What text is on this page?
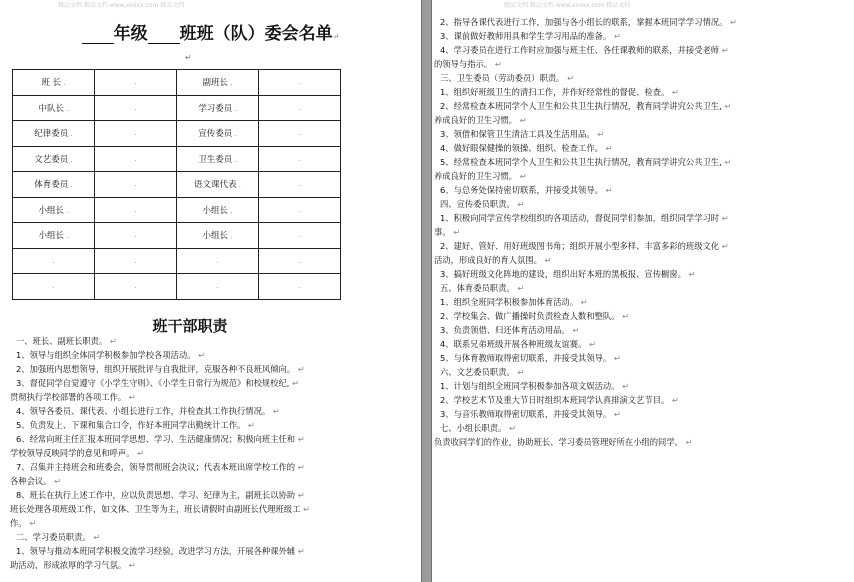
精品文档 精品文档 www.xxxxx.com 精品文档
年级 班班（队）委会名单↵
↵
班 长 .	.	副班长 .	.
中队长 .	.	学习委员 .	.
纪律委员 .	.	宣传委员 .	.
文艺委员 .	.	卫生委员 .	.
体育委员 .	.	语文课代表 .	.
小组长 .	.	小组长 .	.
小组长 .	.	小组长 .	.
.	.	.	.
.	.	.	.
班干部职责
一、班长、副班长职责。 ↵
1、领导与组织全体同学积极参加学校各项活动。 ↵
2、加强班内思想领导，组织开展批评与自我批评，克服各种不良班风倾向。 ↵
3、督促同学自觉遵守《小学生守则》、《小学生日常行为规范》和校规校纪, ↵
贯彻执行学校部署的各项工作。 ↵
4、领导各委员、课代表、小组长进行工作，并检查其工作执行情况。 ↵
5、负责发上、下课和集合口令，作好本班同学出勤统计工作。 ↵
6、经常向班主任汇报本班同学思想、学习、生活健康情况；积极向班主任和 ↵
学校领导反映同学的意见和呼声。 ↵
7、召集并主持班会和班委会，领导贯彻班会决议；代表本班出席学校工作的 ↵
各种会议。 ↵
8、班长在执行上述工作中，应以负责思想、学习、纪律为主，副班长以协助 ↵
班长处理各项班级工作，如文体、卫生等为主，班长请假时由副班长代理班级工 ↵
作。 ↵
二、学习委员职责。 ↵
1、领导与推动本班同学积极交流学习经验，改进学习方法，开展各种课外辅 ↵
助活动，形成浓厚的学习气氛。 ↵
精品文档 精品文档 www.xxxxx.com 精品文档
2、指导各课代表进行工作，加强与各小组长的联系，掌握本班同学学习情况。 ↵
3、课前做好教师用具和学生学习用品的准备。 ↵
4、学习委员在进行工作时应加强与班主任、各任课教师的联系，并接受老师 ↵
的领导与指示。 ↵
三、卫生委员（劳动委员）职责。 ↵
1、组织好班级卫生的清扫工作，并作好经常性的督促、检查。 ↵
2、经常检查本班同学个人卫生和公共卫生执行情况，教育同学讲究公共卫生, ↵
养成良好的卫生习惯。 ↵
3、领借和保管卫生清洁工具及生活用品。 ↵
4、做好眼保健操的领操、组织、检查工作。 ↵
5、经常检查本班同学个人卫生和公共卫生执行情况，教育同学讲究公共卫生, ↵
养成良好的卫生习惯。 ↵
6、与总务处保持密切联系，并接受其领导。 ↵
四、宣传委员职责。 ↵
1、积极向同学宣传学校组织的各项活动，督促同学们参加，组织同学学习时 ↵
事。 ↵
2、建好、管好、用好班级图书角；组织开展小型多样、丰富多彩的班级文化 ↵
活动，形成良好的育人氛围。 ↵
3、搞好班级文化阵地的建设，组织出好本班的黑板报、宣传橱窗。 ↵
五、体育委员职责。 ↵
1、组织全班同学积极参加体育活动。 ↵
2、学校集会、做广播操时负责检查人数和整队。 ↵
3、负责领借、归还体育活动用品。 ↵
4、联系兄弟班级开展各种班级友谊赛。 ↵
5、与体育教师取得密切联系，并接受其领导。 ↵
六、文艺委员职责。 ↵
1、计划与组织全班同学积极参加各项文娱活动。 ↵
2、学校艺术节及重大节日时组织本班同学认真排演文艺节目。 ↵
3、与音乐教师取得密切联系，并接受其领导。 ↵
七、小组长职责。 ↵
负责收同学们的作业，协助班长、学习委员管理好所在小组的同学。 ↵
